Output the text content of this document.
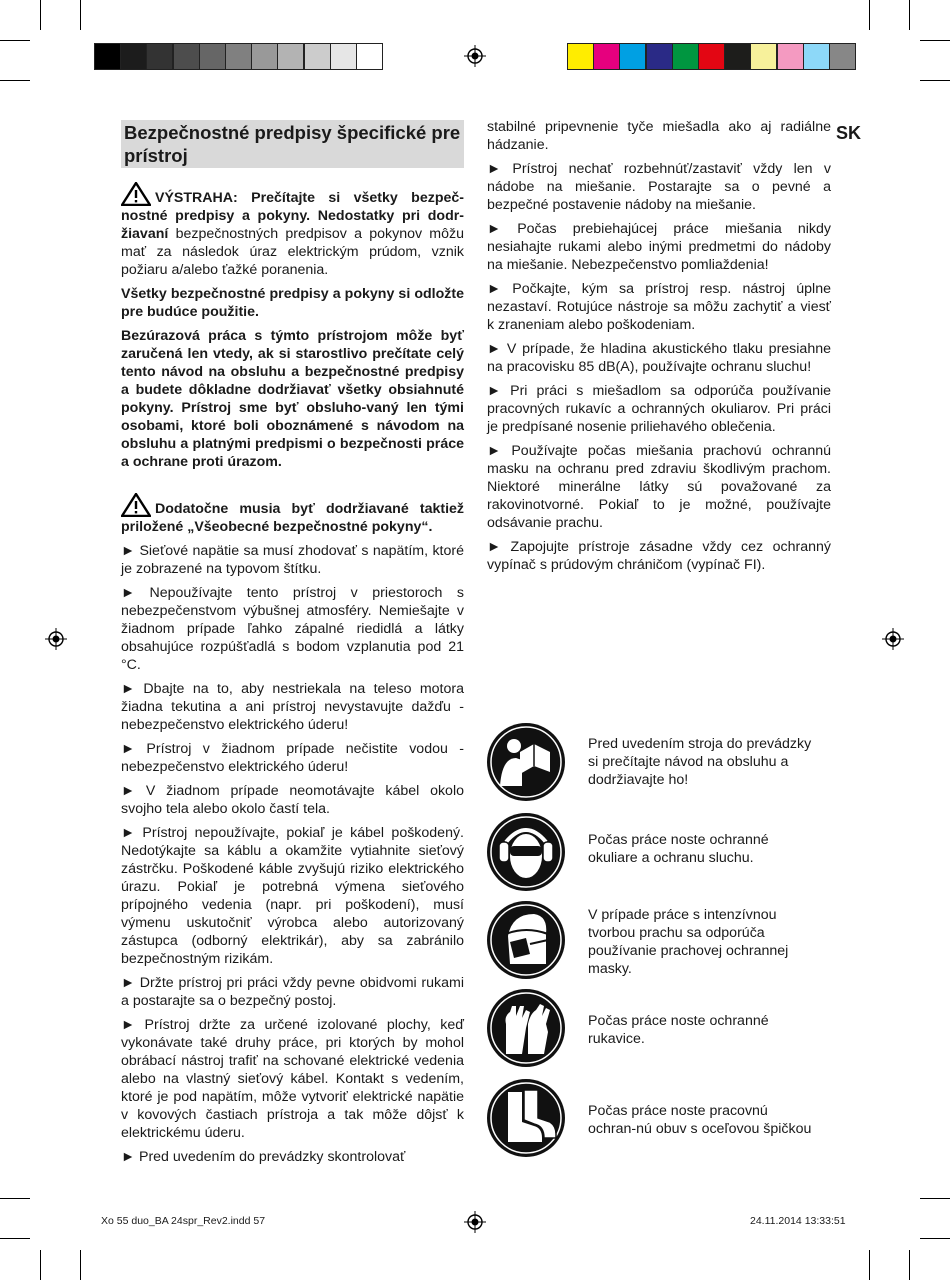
SK
Bezpečnostné predpisy špecifické pre prístroj

VÝSTRAHA: Prečítajte si všetky bezpeč-nostné predpisy a pokyny. Nedostatky pri dodr-žiavaní bezpečnostných predpisov a pokynov môžu mať za následok úraz elektrickým prúdom, vznik požiaru a/alebo ťažké poranenia.

Všetky bezpečnostné predpisy a pokyny si odložte pre budúce použitie.

Bezúrazová práca s týmto prístrojom môže byť zaručená len vtedy, ak si starostlivo prečítate celý tento návod na obsluhu a bezpečnostné predpisy a budete dôkladne dodržiavať všetky obsiahnuté pokyny. Prístroj sme byť obsluho-vaný len tými osobami, ktoré boli oboznámené s návodom na obsluhu a platnými predpismi o bezpečnosti práce a ochrane proti úrazom.

Dodatočne musia byť dodržiavané taktiež priložené „Všeobecné bezpečnostné pokyny“.

► Sieťové napätie sa musí zhodovať s napätím, ktoré je zobrazené na typovom štítku.

► Nepoužívajte tento prístroj v priestoroch s nebezpečenstvom výbušnej atmosféry. Nemiešajte v žiadnom prípade ľahko zápalné riedidlá a látky obsahujúce rozpúšťadlá s bodom vzplanutia pod 21 °C.

► Dbajte na to, aby nestriekala na teleso motora žiadna tekutina a ani prístroj nevystavujte dažďu - nebezpečenstvo elektrického úderu!

► Prístroj v žiadnom prípade nečistite vodou - nebezpečenstvo elektrického úderu!

► V žiadnom prípade neomotávajte kábel okolo svojho tela alebo okolo častí tela.

► Prístroj nepoužívajte, pokiaľ je kábel poškodený. Nedotýkajte sa káblu a okamžite vytiahnite sieťový zástrčku. Poškodené káble zvyšujú riziko elektrického úrazu. Pokiaľ je potrebná výmena sieťového prípojného vedenia (napr. pri poškodení), musí výmenu uskutočniť výrobca alebo autorizovaný zástupca (odborný elektrikár), aby sa zabránilo bezpečnostným rizikám.

► Držte prístroj pri práci vždy pevne obidvomi rukami a postarajte sa o bezpečný postoj.

► Prístroj držte za určené izolované plochy, keď vykonávate také druhy práce, pri ktorých by mohol obrábací nástroj trafiť na schované elektrické vedenia alebo na vlastný sieťový kábel. Kontakt s vedením, ktoré je pod napätím, môže vytvoriť elektrické napätie v kovových častiach prístroja a tak môže dôjsť k elektrickému úderu.

► Pred uvedením do prevádzky skontrolovať

stabilné pripevnenie tyče miešadla ako aj radiálne hádzanie.

► Prístroj nechať rozbehnúť/zastaviť vždy len v nádobe na miešanie. Postarajte sa o pevné a bezpečné postavenie nádoby na miešanie.

► Počas prebiehajúcej práce miešania nikdy nesiahajte rukami alebo inými predmetmi do nádoby na miešanie. Nebezpečenstvo pomliaždenia!

► Počkajte, kým sa prístroj resp. nástroj úplne nezastaví. Rotujúce nástroje sa môžu zachytiť a viesť k zraneniam alebo poškodeniam.

► V prípade, že hladina akustického tlaku presiahne na pracovisku 85 dB(A), používajte ochranu sluchu!

► Pri práci s miešadlom sa odporúča používanie pracovných rukavíc a ochranných okuliarov. Pri práci je predpísané nosenie priliehavého oblečenia.

► Používajte počas miešania prachovú ochrannú masku na ochranu pred zdraviu škodlivým prachom. Niektoré minerálne látky sú považované za rakovinotvorné. Pokiaľ to je možné, používajte odsávanie prachu.

► Zapojujte prístroje zásadne vždy cez ochranný vypínač s prúdovým chráničom (vypínač FI).

Pred uvedením stroja do prevádzky si prečítajte návod na obsluhu a dodržiavajte ho!
Počas práce noste ochranné okuliare a ochranu sluchu.
V prípade práce s intenzívnou tvorbou prachu sa odporúča používanie prachovej ochrannej masky.
Počas práce noste ochranné rukavice.
Počas práce noste pracovnú ochran-nú obuv s oceľovou špičkou
Xo 55 duo_BA 24spr_Rev2.indd 57	24.11.2014 13:33:51
